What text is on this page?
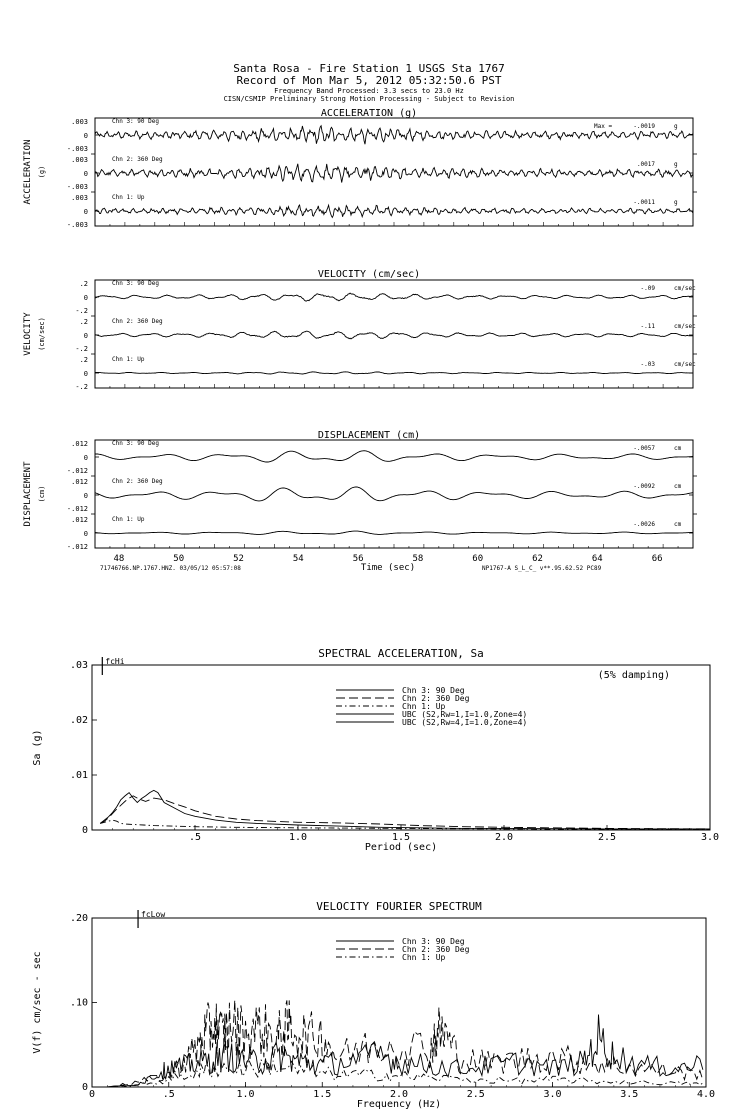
Santa Rosa - Fire Station 1 USGS Sta 1767
Record of Mon Mar 5, 2012 05:32:50.6 PST
Frequency Band Processed: 3.3 secs to 23.0 Hz
CISN/CSMIP Preliminary Strong Motion Processing - Subject to Revision
ACCELERATION (g)
ACCELERATION (g)
.003
0
-.003
Chn 3: 90 Deg
Max =	-.0019	g
.003
0
-.003
Chn 2: 360 Deg
.0017	g
.003
0
-.003
Chn 1: Up
-.0011	g
VELOCITY (cm/sec)
VELOCITY (cm/sec)
.2
0
-.2
Chn 3: 90 Deg
-.09	cm/sec
.2
0
-.2
Chn 2: 360 Deg
-.11	cm/sec
.2
0
-.2
Chn 1: Up
-.03	cm/sec
DISPLACEMENT (cm)
DISPLACEMENT (cm)
.012
0
-.012
Chn 3: 90 Deg
-.0057	cm
.012
0
-.012
Chn 2: 360 Deg
-.0092	cm
.012
0
-.012
Chn 1: Up
-.0026	cm
48	50	52	54	56	58	60	62	64	66
Time (sec)
71746766.NP.1767.HNZ. 03/05/12 05:57:08	NP1767-A S_L_C_ v**.95.62.52 PC89
SPECTRAL ACCELERATION, Sa
.5	1.0	1.5	2.0	2.5	3.0
Period (sec)
0
.01
.02
.03
Sa (g)
fcHi
(5% damping)
Chn 3: 90 Deg
Chn 2: 360 Deg
Chn 1: Up
UBC (S2,Rw=1,I=1.0,Zone=4)
UBC (S2,Rw=4,I=1.0,Zone=4)
VELOCITY FOURIER SPECTRUM
0	.5	1.0	1.5	2.0	2.5	3.0	3.5	4.0
Frequency (Hz)
0
.10
.20
V(f) cm/sec - sec
fcLow
Chn 3: 90 Deg
Chn 2: 360 Deg
Chn 1: Up
